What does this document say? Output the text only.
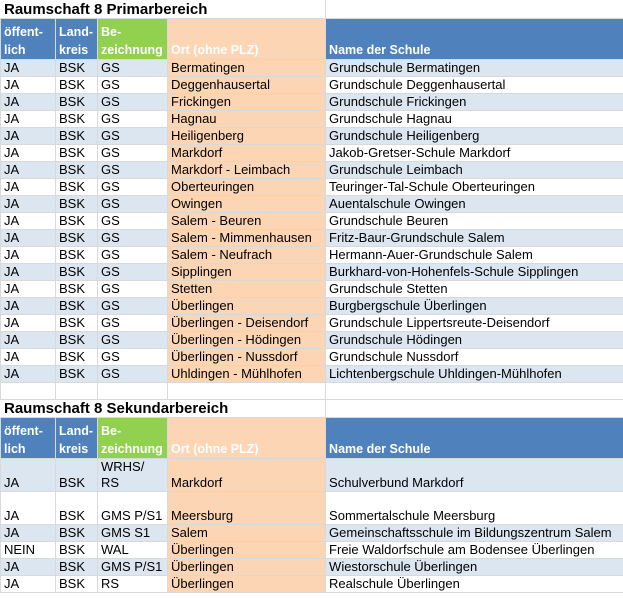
Raumschaft 8 Primarbereich				
öffent-lich	Land-kreis	Be-zeichnung	Ort (ohne PLZ)	Name der Schule
JA	BSK	GS	Bermatingen	Grundschule Bermatingen
JA	BSK	GS	Deggenhausertal	Grundschule Deggenhausertal
JA	BSK	GS	Frickingen	Grundschule Frickingen
JA	BSK	GS	Hagnau	Grundschule Hagnau
JA	BSK	GS	Heiligenberg	Grundschule Heiligenberg
JA	BSK	GS	Markdorf	Jakob-Gretser-Schule Markdorf
JA	BSK	GS	Markdorf - Leimbach	Grundschule Leimbach
JA	BSK	GS	Oberteuringen	Teuringer-Tal-Schule Oberteuringen
JA	BSK	GS	Owingen	Auentalschule Owingen
JA	BSK	GS	Salem - Beuren	Grundschule Beuren
JA	BSK	GS	Salem - Mimmenhausen	Fritz-Baur-Grundschule Salem
JA	BSK	GS	Salem - Neufrach	Hermann-Auer-Grundschule Salem
JA	BSK	GS	Sipplingen	Burkhard-von-Hohenfels-Schule Sipplingen
JA	BSK	GS	Stetten	Grundschule Stetten
JA	BSK	GS	Überlingen	Burgbergschule Überlingen
JA	BSK	GS	Überlingen - Deisendorf	Grundschule Lippertsreute-Deisendorf
JA	BSK	GS	Überlingen - Hödingen	Grundschule Hödingen
JA	BSK	GS	Überlingen - Nussdorf	Grundschule Nussdorf
JA	BSK	GS	Uhldingen - Mühlhofen	Lichtenbergschule Uhldingen-Mühlhofen

Raumschaft 8 Sekundarbereich				
öffent-lich	Land-kreis	Be-zeichnung	Ort (ohne PLZ)	Name der Schule
JA	BSK	WRHS/ RS	Markdorf	Schulverbund Markdorf
JA	BSK	GMS P/S1	Meersburg	Sommertalschule Meersburg
JA	BSK	GMS S1	Salem	Gemeinschaftsschule im Bildungszentrum Salem
NEIN	BSK	WAL	Überlingen	Freie Waldorfschule am Bodensee Überlingen
JA	BSK	GMS P/S1	Überlingen	Wiestorschule Überlingen
JA	BSK	RS	Überlingen	Realschule Überlingen
